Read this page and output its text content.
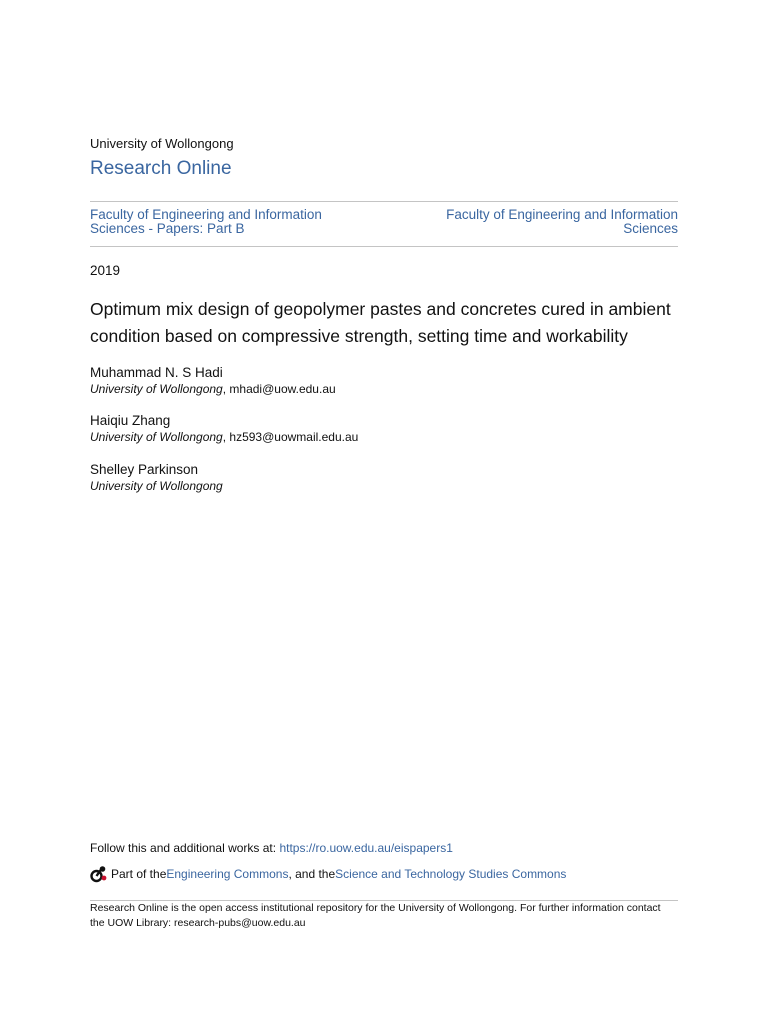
University of Wollongong
Research Online
Faculty of Engineering and Information Sciences - Papers: Part B
Faculty of Engineering and Information Sciences
2019
Optimum mix design of geopolymer pastes and concretes cured in ambient condition based on compressive strength, setting time and workability
Muhammad N. S Hadi
University of Wollongong, mhadi@uow.edu.au
Haiqiu Zhang
University of Wollongong, hz593@uowmail.edu.au
Shelley Parkinson
University of Wollongong
Follow this and additional works at: https://ro.uow.edu.au/eispapers1
Part of the Engineering Commons , and the Science and Technology Studies Commons
Research Online is the open access institutional repository for the University of Wollongong. For further information contact the UOW Library: research-pubs@uow.edu.au
